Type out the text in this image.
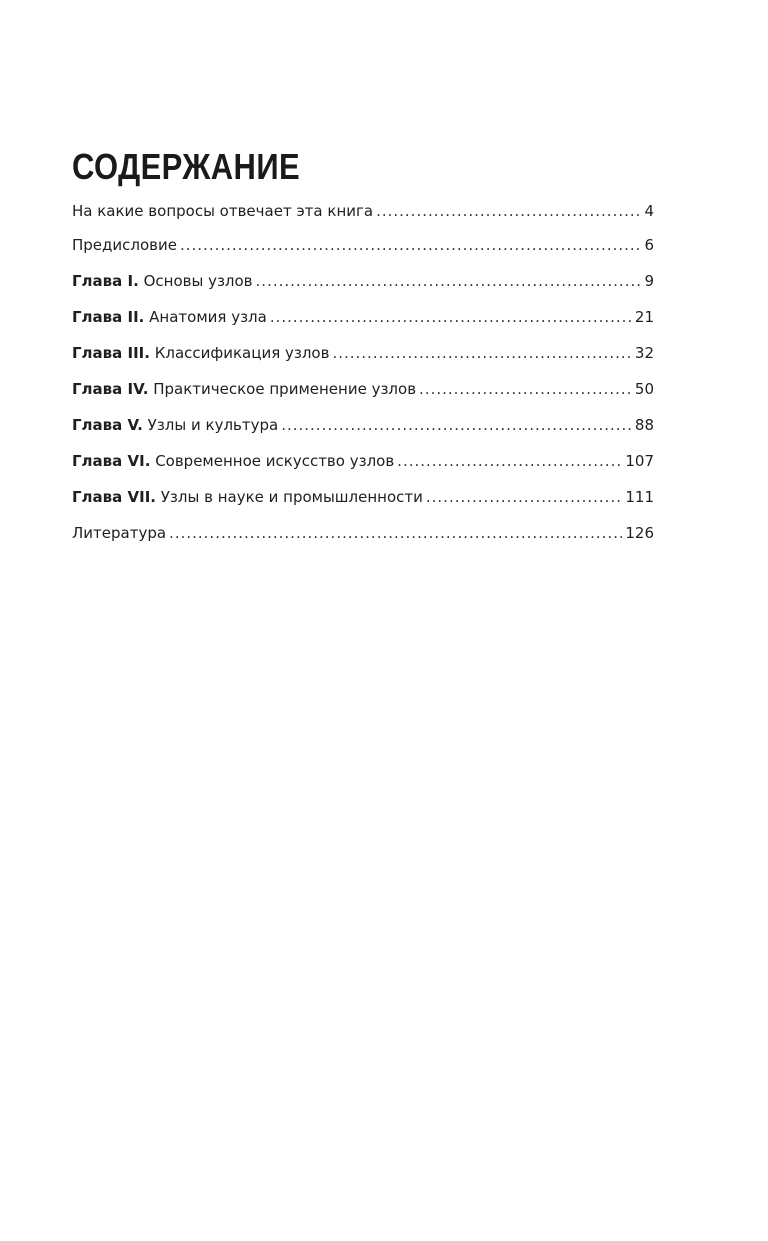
СОДЕРЖАНИЕ
На какие вопросы отвечает эта книга .....	4
Предисловие .....	6
Глава I. Основы узлов .....	9
Глава II. Анатомия узла .....	21
Глава III. Классификация узлов .....	32
Глава IV. Практическое применение узлов .....	50
Глава V. Узлы и культура .....	88
Глава VI. Современное искусство узлов .....	107
Глава VII. Узлы в науке и промышленности .....	111
Литература .....	126
